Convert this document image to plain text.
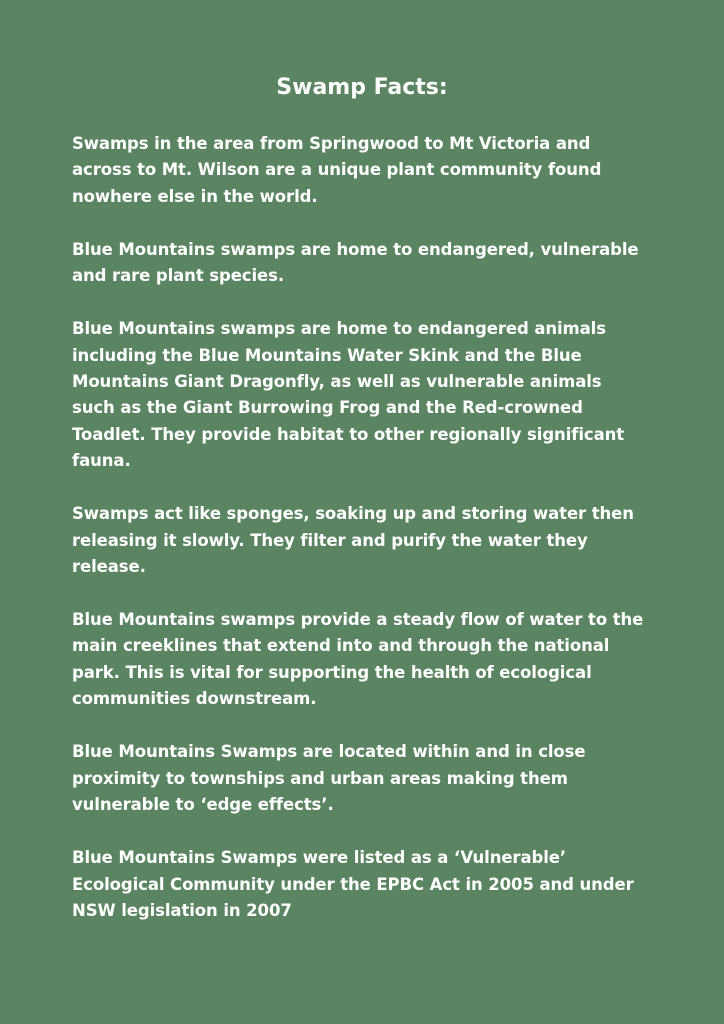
Swamp Facts:

Swamps in the area from Springwood to Mt Victoria and
across to Mt. Wilson are a unique plant community found
nowhere else in the world.

Blue Mountains swamps are home to endangered, vulnerable
and rare plant species.

Blue Mountains swamps are home to endangered animals
including the Blue Mountains Water Skink and the Blue
Mountains Giant Dragonfly, as well as vulnerable animals
such as the Giant Burrowing Frog and the Red-crowned
Toadlet. They provide habitat to other regionally significant
fauna.

Swamps act like sponges, soaking up and storing water then
releasing it slowly. They filter and purify the water they
release.

Blue Mountains swamps provide a steady flow of water to the
main creeklines that extend into and through the national
park. This is vital for supporting the health of ecological
communities downstream.

Blue Mountains Swamps are located within and in close
proximity to townships and urban areas making them
vulnerable to ‘edge effects’.

Blue Mountains Swamps were listed as a ‘Vulnerable’
Ecological Community under the EPBC Act in 2005 and under
NSW legislation in 2007
